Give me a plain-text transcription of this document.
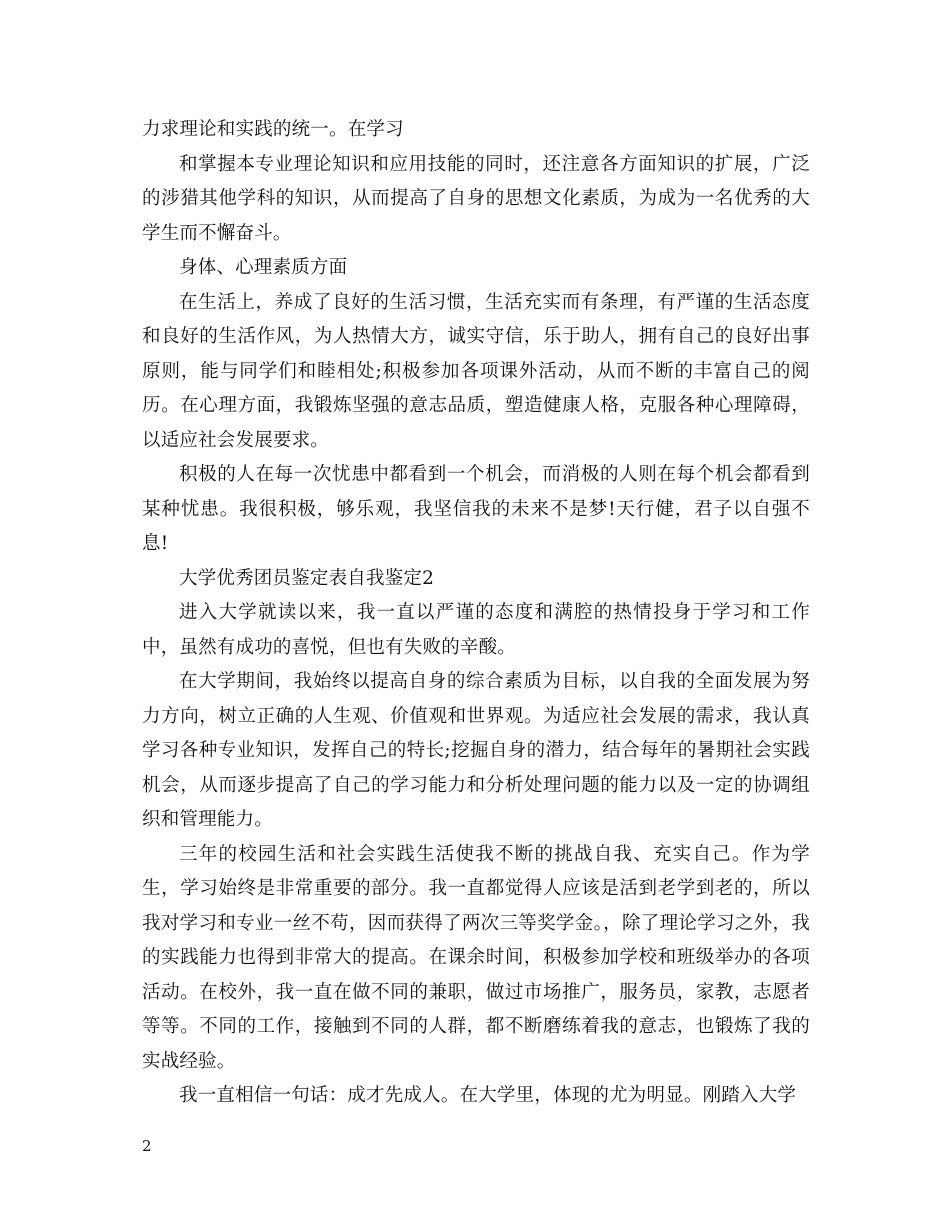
力求理论和实践的统一。在学习

和掌握本专业理论知识和应用技能的同时，还注意各方面知识的扩展，广泛的涉猎其他学科的知识，从而提高了自身的思想文化素质，为成为一名优秀的大学生而不懈奋斗。

身体、心理素质方面

在生活上，养成了良好的生活习惯，生活充实而有条理，有严谨的生活态度和良好的生活作风，为人热情大方，诚实守信，乐于助人，拥有自己的良好出事原则，能与同学们和睦相处;积极参加各项课外活动，从而不断的丰富自己的阅历。在心理方面，我锻炼坚强的意志品质，塑造健康人格，克服各种心理障碍，以适应社会发展要求。

积极的人在每一次忧患中都看到一个机会，而消极的人则在每个机会都看到某种忧患。我很积极，够乐观，我坚信我的未来不是梦!天行健，君子以自强不息!

大学优秀团员鉴定表自我鉴定2

进入大学就读以来，我一直以严谨的态度和满腔的热情投身于学习和工作中，虽然有成功的喜悦，但也有失败的辛酸。

在大学期间，我始终以提高自身的综合素质为目标，以自我的全面发展为努力方向，树立正确的人生观、价值观和世界观。为适应社会发展的需求，我认真学习各种专业知识，发挥自己的特长;挖掘自身的潜力，结合每年的暑期社会实践机会，从而逐步提高了自己的学习能力和分析处理问题的能力以及一定的协调组织和管理能力。

三年的校园生活和社会实践生活使我不断的挑战自我、充实自己。作为学生，学习始终是非常重要的部分。我一直都觉得人应该是活到老学到老的，所以我对学习和专业一丝不苟，因而获得了两次三等奖学金。，除了理论学习之外，我的实践能力也得到非常大的提高。在课余时间，积极参加学校和班级举办的各项活动。在校外，我一直在做不同的兼职，做过市场推广，服务员，家教，志愿者等等。不同的工作，接触到不同的人群，都不断磨练着我的意志，也锻炼了我的实战经验。

我一直相信一句话：成才先成人。在大学里，体现的尤为明显。刚踏入大学

2
